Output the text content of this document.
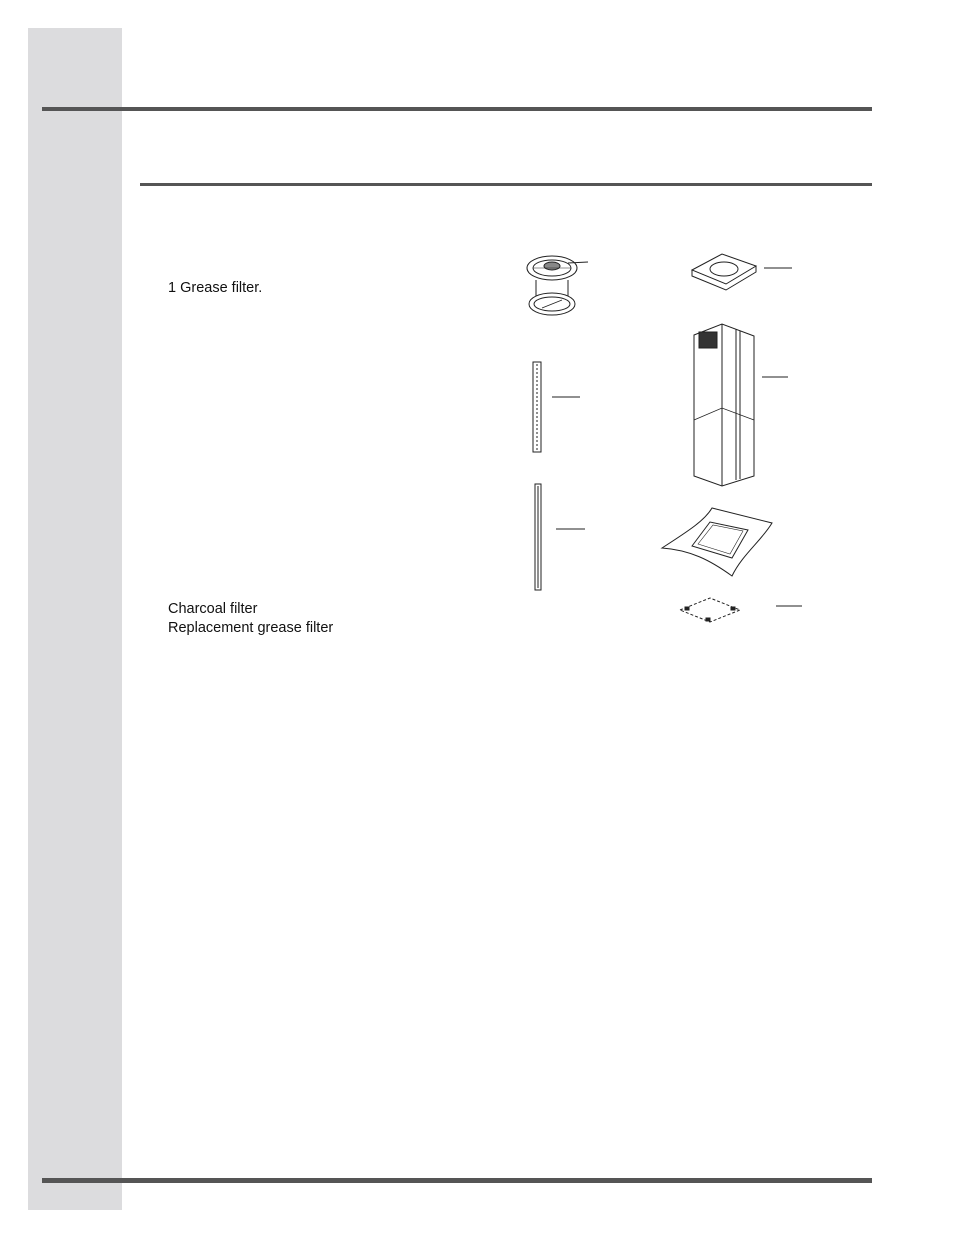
1 Grease filter.
Charcoal filter
Replacement grease filter
